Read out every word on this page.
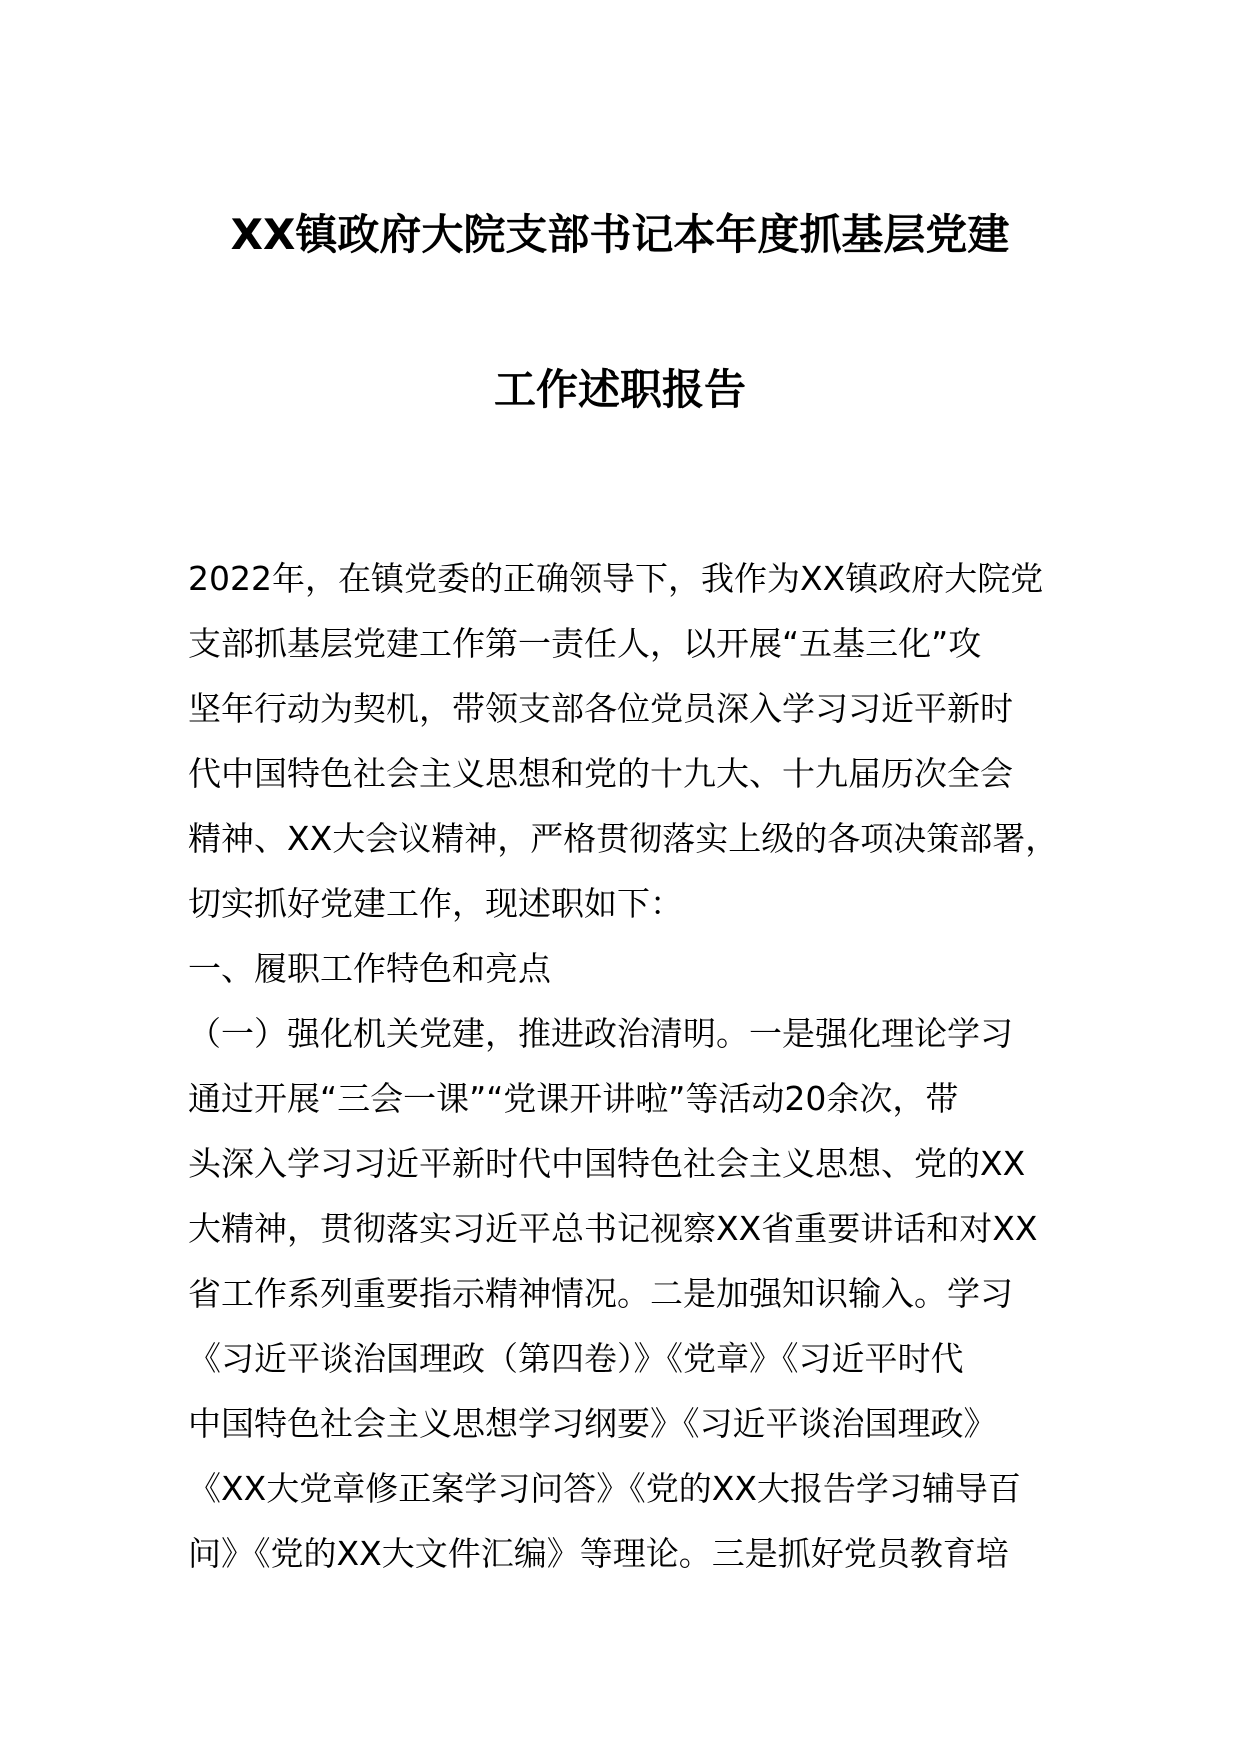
XX镇政府大院支部书记本年度抓基层党建
工作述职报告
2022年，在镇党委的正确领导下，我作为XX镇政府大院党
支部抓基层党建工作第一责任人，以开展“五基三化”攻
坚年行动为契机，带领支部各位党员深入学习习近平新时
代中国特色社会主义思想和党的十九大、十九届历次全会
精神、XX大会议精神，严格贯彻落实上级的各项决策部署，
切实抓好党建工作，现述职如下：
一、履职工作特色和亮点
（一）强化机关党建，推进政治清明。一是强化理论学习
通过开展“三会一课”“党课开讲啦”等活动20余次，带
头深入学习习近平新时代中国特色社会主义思想、党的XX
大精神，贯彻落实习近平总书记视察XX省重要讲话和对XX
省工作系列重要指示精神情况。二是加强知识输入。学习
《习近平谈治国理政（第四卷）》《党章》《习近平时代
中国特色社会主义思想学习纲要》《习近平谈治国理政》
《XX大党章修正案学习问答》《党的XX大报告学习辅导百
问》《党的XX大文件汇编》等理论。三是抓好党员教育培
